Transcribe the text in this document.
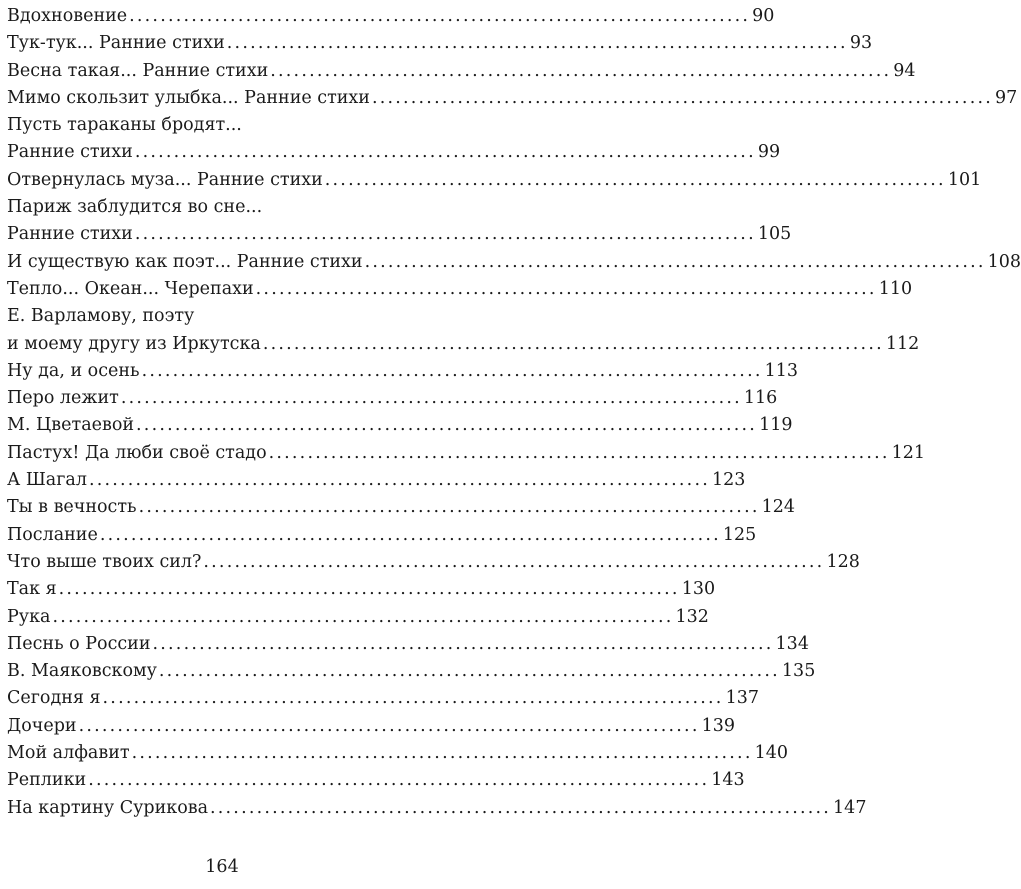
Вдохновение ................................................................................ 90
Тук-тук... Ранние стихи ................................................................................ 93
Весна такая... Ранние стихи ................................................................................ 94
Мимо скользит улыбка... Ранние стихи ................................................................................ 97
Пусть тараканы бродят...
Ранние стихи ................................................................................ 99
Отвернулась муза... Ранние стихи ................................................................................ 101
Париж заблудится во сне...
Ранние стихи ................................................................................ 105
И существую как поэт... Ранние стихи ................................................................................ 108
Тепло... Океан... Черепахи ................................................................................ 110
Е. Варламову, поэту
и моему другу из Иркутска ................................................................................ 112
Ну да, и осень ................................................................................ 113
Перо лежит ................................................................................ 116
М. Цветаевой ................................................................................ 119
Пастух! Да люби своё стадо ................................................................................ 121
А Шагал ................................................................................ 123
Ты в вечность ................................................................................ 124
Послание ................................................................................ 125
Что выше твоих сил? ................................................................................ 128
Так я ................................................................................ 130
Рука ................................................................................ 132
Песнь о России ................................................................................ 134
В. Маяковскому ................................................................................ 135
Сегодня я ................................................................................ 137
Дочери ................................................................................ 139
Мой алфавит ................................................................................ 140
Реплики ................................................................................ 143
На картину Сурикова ................................................................................ 147
164
